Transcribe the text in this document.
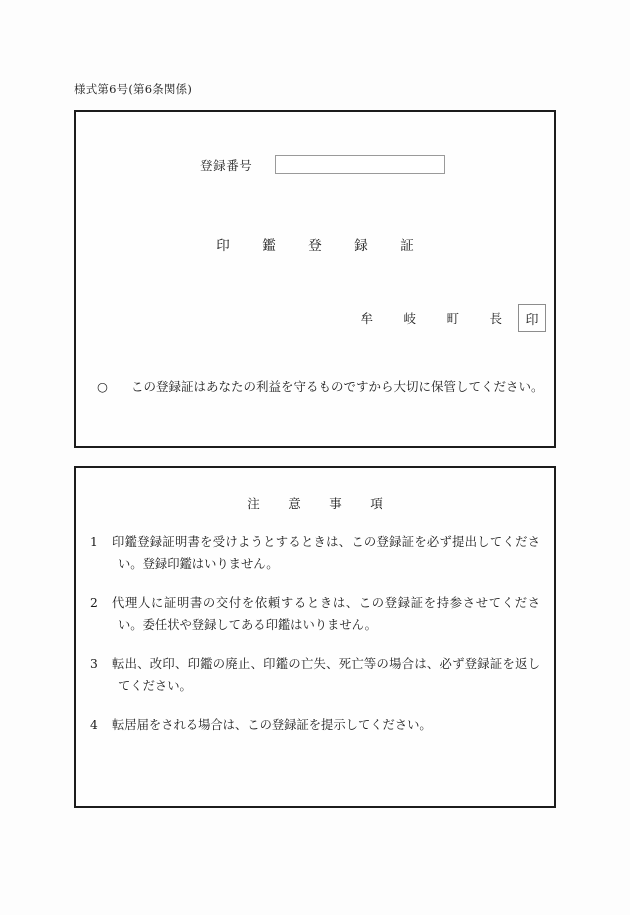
様式第6号(第6条関係)
登録番号
印　鑑　登　録　証
牟　岐　町　長	印
○	この登録証はあなたの利益を守るものですから大切に保管してください。
注　意　事　項
1	印鑑登録証明書を受けようとするときは、この登録証を必ず提出してください。登録印鑑はいりません。
2	代理人に証明書の交付を依頼するときは、この登録証を持参させてください。委任状や登録してある印鑑はいりません。
3	転出、改印、印鑑の廃止、印鑑の亡失、死亡等の場合は、必ず登録証を返してください。
4	転居届をされる場合は、この登録証を提示してください。
